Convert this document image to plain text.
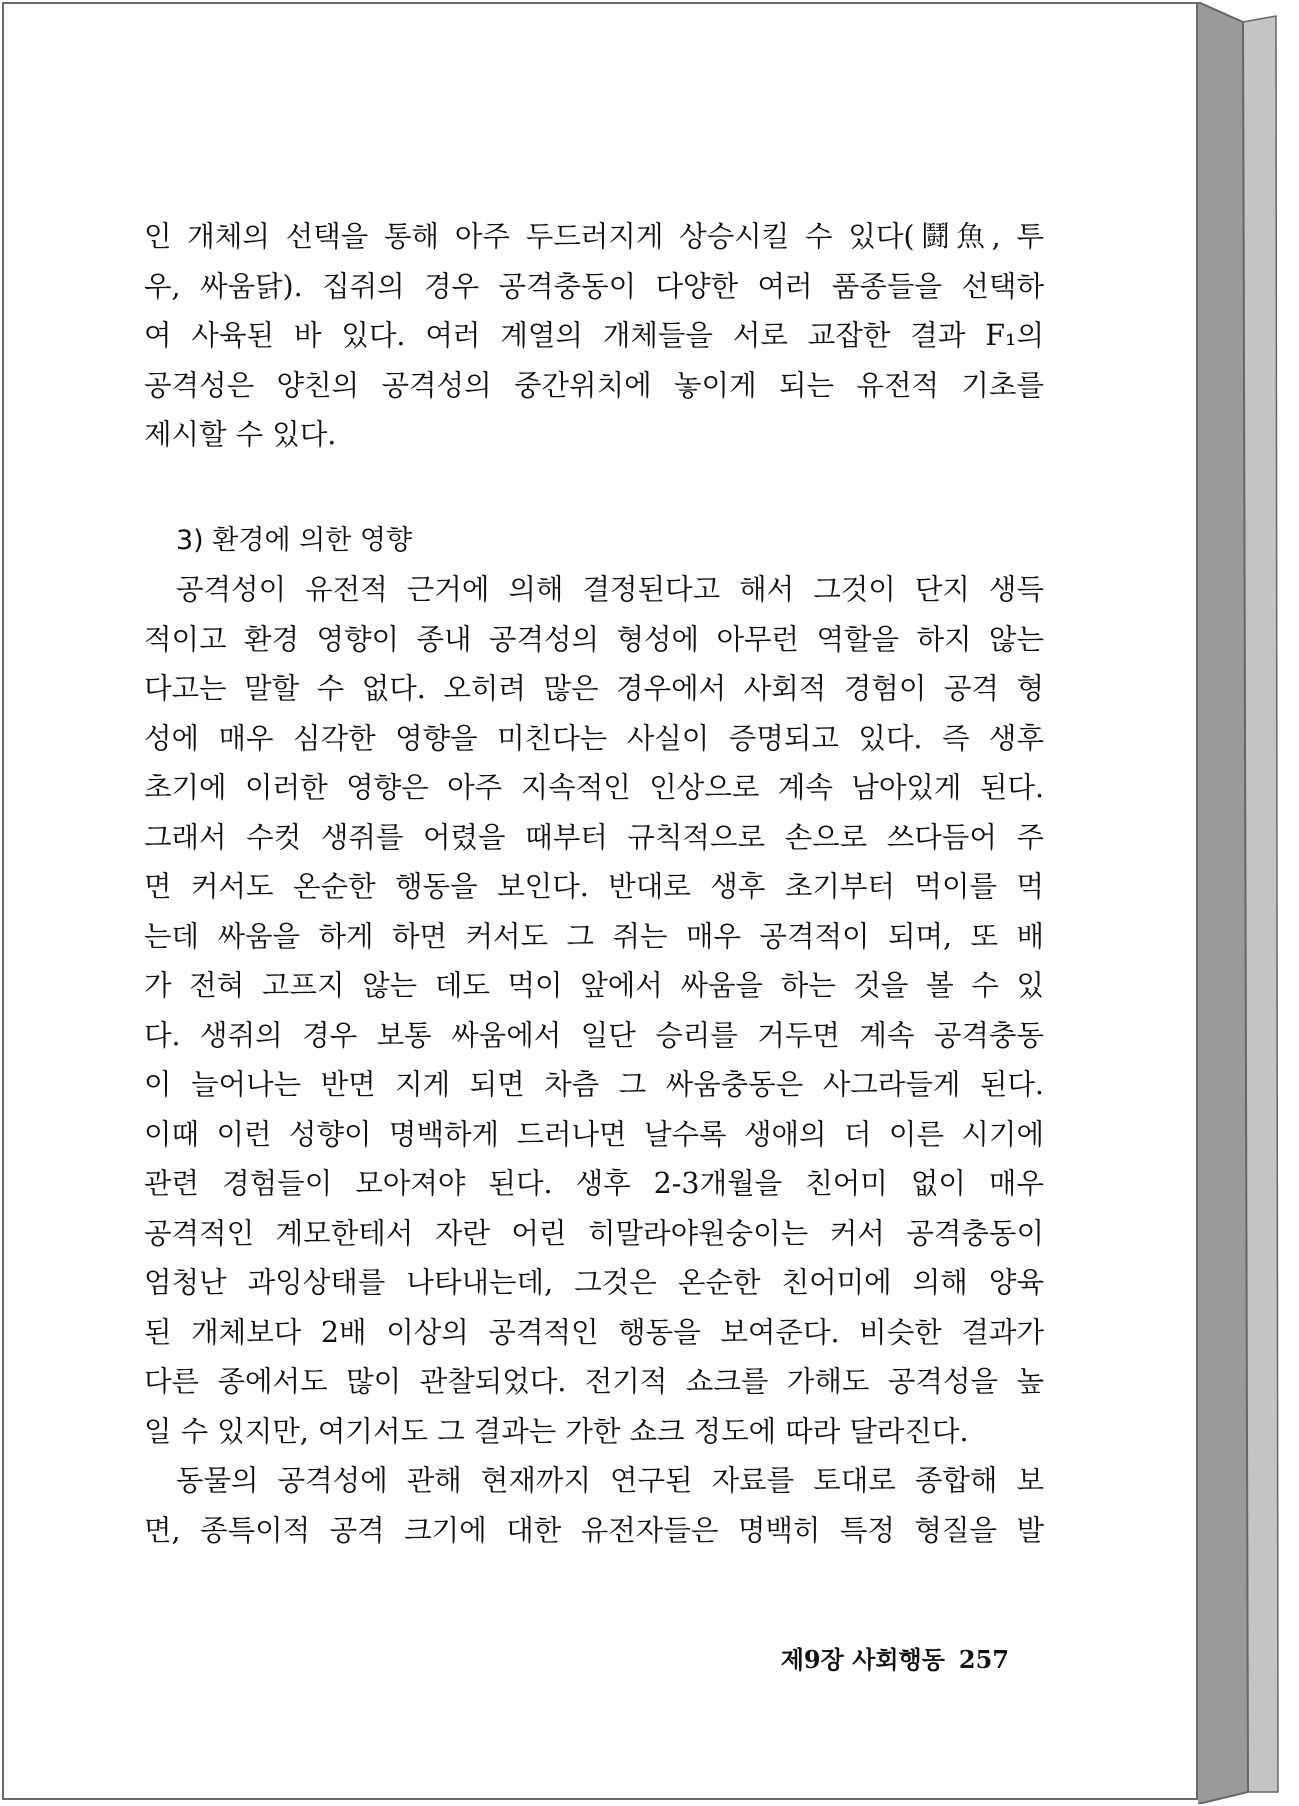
인 개체의 선택을 통해 아주 두드러지게 상승시킬 수 있다(鬪魚, 투
우, 싸움닭). 집쥐의 경우 공격충동이 다양한 여러 품종들을 선택하
여 사육된 바 있다. 여러 계열의 개체들을 서로 교잡한 결과 F₁의
공격성은 양친의 공격성의 중간위치에 놓이게 되는 유전적 기초를
제시할 수 있다.
3) 환경에 의한 영향
공격성이 유전적 근거에 의해 결정된다고 해서 그것이 단지 생득
적이고 환경 영향이 종내 공격성의 형성에 아무런 역할을 하지 않는
다고는 말할 수 없다. 오히려 많은 경우에서 사회적 경험이 공격 형
성에 매우 심각한 영향을 미친다는 사실이 증명되고 있다. 즉 생후
초기에 이러한 영향은 아주 지속적인 인상으로 계속 남아있게 된다.
그래서 수컷 생쥐를 어렸을 때부터 규칙적으로 손으로 쓰다듬어 주
면 커서도 온순한 행동을 보인다. 반대로 생후 초기부터 먹이를 먹
는데 싸움을 하게 하면 커서도 그 쥐는 매우 공격적이 되며, 또 배
가 전혀 고프지 않는 데도 먹이 앞에서 싸움을 하는 것을 볼 수 있
다. 생쥐의 경우 보통 싸움에서 일단 승리를 거두면 계속 공격충동
이 늘어나는 반면 지게 되면 차츰 그 싸움충동은 사그라들게 된다.
이때 이런 성향이 명백하게 드러나면 날수록 생애의 더 이른 시기에
관련 경험들이 모아져야 된다. 생후 2-3개월을 친어미 없이 매우
공격적인 계모한테서 자란 어린 히말라야원숭이는 커서 공격충동이
엄청난 과잉상태를 나타내는데, 그것은 온순한 친어미에 의해 양육
된 개체보다 2배 이상의 공격적인 행동을 보여준다. 비슷한 결과가
다른 종에서도 많이 관찰되었다. 전기적 쇼크를 가해도 공격성을 높
일 수 있지만, 여기서도 그 결과는 가한 쇼크 정도에 따라 달라진다.
동물의 공격성에 관해 현재까지 연구된 자료를 토대로 종합해 보
면, 종특이적 공격 크기에 대한 유전자들은 명백히 특정 형질을 발
제9장 사회행동 257
